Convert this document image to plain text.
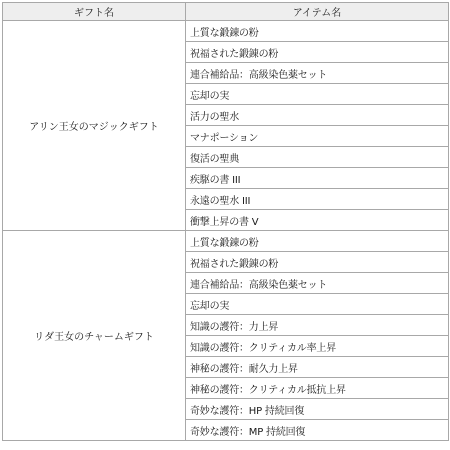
ギフト名	アイテム名
アリン王女のマジックギフト	上質な鍛錬の粉
	祝福された鍛錬の粉
	連合補給品：高級染色薬セット
	忘却の実
	活力の聖水
	マナポーション
	復活の聖典
	疾駆の書 III
	永遠の聖水 III
	衝撃上昇の書 V
リダ王女のチャームギフト	上質な鍛錬の粉
	祝福された鍛錬の粉
	連合補給品：高級染色薬セット
	忘却の実
	知識の護符：力上昇
	知識の護符：クリティカル率上昇
	神秘の護符：耐久力上昇
	神秘の護符：クリティカル抵抗上昇
	奇妙な護符：HP 持続回復
	奇妙な護符：MP 持続回復
